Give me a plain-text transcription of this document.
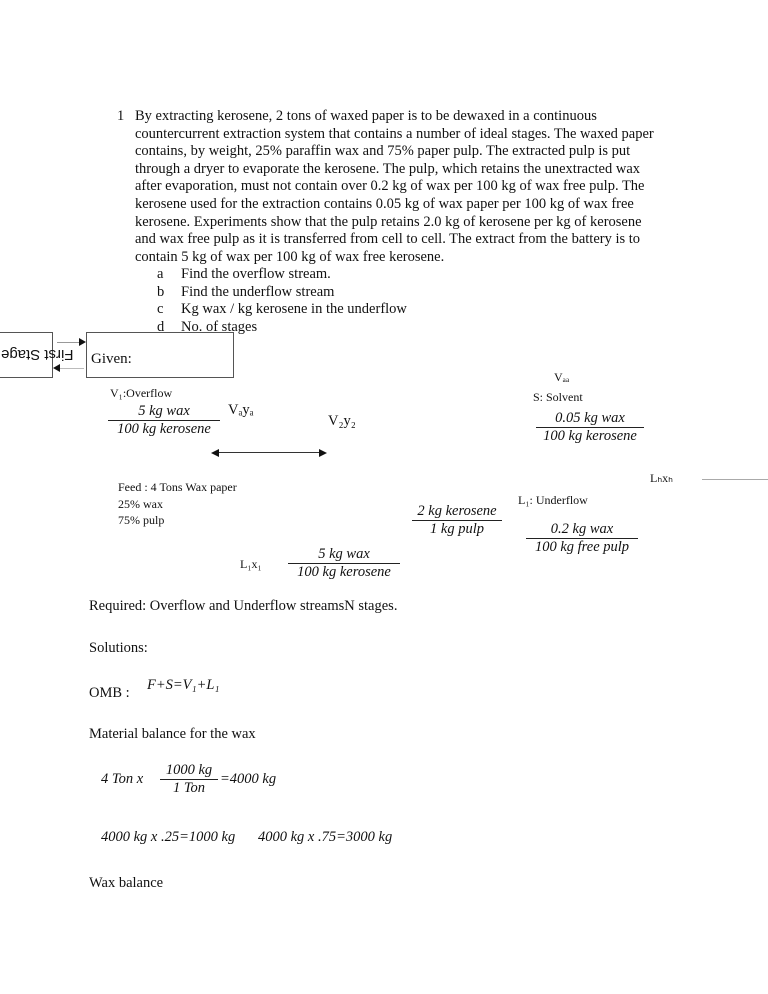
1 By extracting kerosene, 2 tons of waxed paper is to be dewaxed in a continuous
countercurrent extraction system that contains a number of ideal stages. The waxed paper
contains, by weight, 25% paraffin wax and 75% paper pulp. The extracted pulp is put
through a dryer to evaporate the kerosene. The pulp, which retains the unextracted wax
after evaporation, must not contain over 0.2 kg of wax per 100 kg of wax free pulp. The
kerosene used for the extraction contains 0.05 kg of wax paper per 100 kg of wax free
kerosene. Experiments show that the pulp retains 2.0 kg of kerosene per kg of kerosene
and wax free pulp as it is transferred from cell to cell. The extract from the battery is to
contain 5 kg of wax per 100 kg of wax free kerosene.
a Find the overflow stream.
b Find the underflow stream
c Kg wax / kg kerosene in the underflow
d No. of stages
First Stage Given:
V₁:Overflow
5 kg wax
100 kg kerosene
Vₐyₐ
V₂y₂
Vₐₐ
S: Solvent
0.05 kg wax
100 kg kerosene
Lₕxₕ
Feed : 4 Tons Wax paper
25% wax
75% pulp
2 kg kerosene
1 kg pulp
L₁: Underflow
0.2 kg wax
100 kg free pulp
L₁x₁
5 kg wax
100 kg kerosene
Required: Overflow and Underflow streamsN stages.
Solutions:
OMB : F+S=V₁+L₁
Material balance for the wax
4 Ton x
1000 kg
1 Ton
=4000 kg
4000 kg x .25=1000 kg 4000 kg x .75=3000 kg
Wax balance
